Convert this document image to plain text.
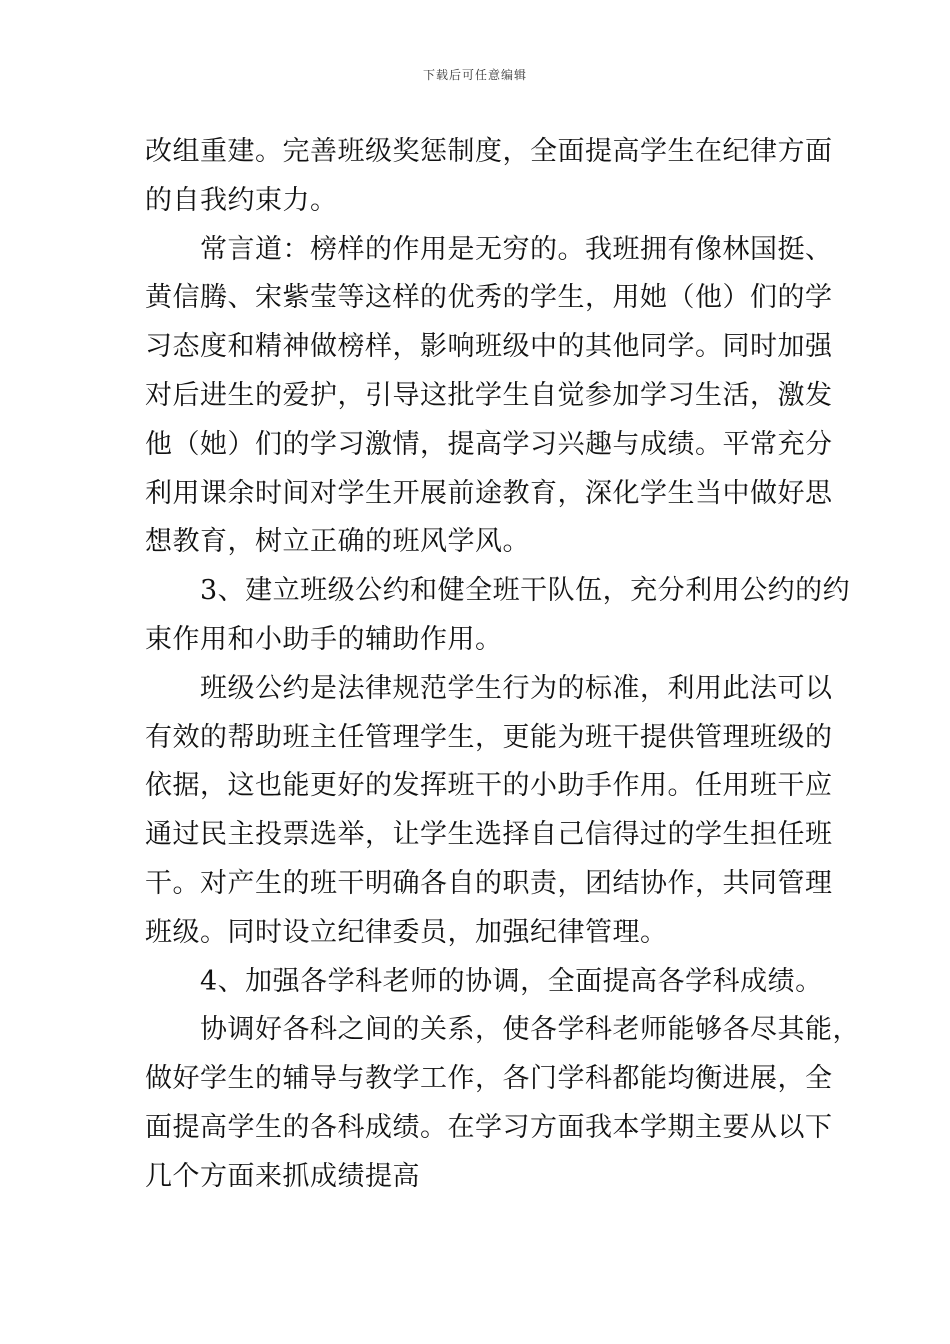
下载后可任意编辑
改组重建。完善班级奖惩制度，全面提高学生在纪律方面
的自我约束力。
常言道：榜样的作用是无穷的。我班拥有像林国挺、
黄信腾、宋紫莹等这样的优秀的学生，用她（他）们的学
习态度和精神做榜样，影响班级中的其他同学。同时加强
对后进生的爱护，引导这批学生自觉参加学习生活，激发
他（她）们的学习激情，提高学习兴趣与成绩。平常充分
利用课余时间对学生开展前途教育，深化学生当中做好思
想教育，树立正确的班风学风。
3、建立班级公约和健全班干队伍，充分利用公约的约
束作用和小助手的辅助作用。
班级公约是法律规范学生行为的标准，利用此法可以
有效的帮助班主任管理学生，更能为班干提供管理班级的
依据，这也能更好的发挥班干的小助手作用。任用班干应
通过民主投票选举，让学生选择自己信得过的学生担任班
干。对产生的班干明确各自的职责，团结协作，共同管理
班级。同时设立纪律委员，加强纪律管理。
4、加强各学科老师的协调，全面提高各学科成绩。
协调好各科之间的关系，使各学科老师能够各尽其能，
做好学生的辅导与教学工作，各门学科都能均衡进展，全
面提高学生的各科成绩。在学习方面我本学期主要从以下
几个方面来抓成绩提高
